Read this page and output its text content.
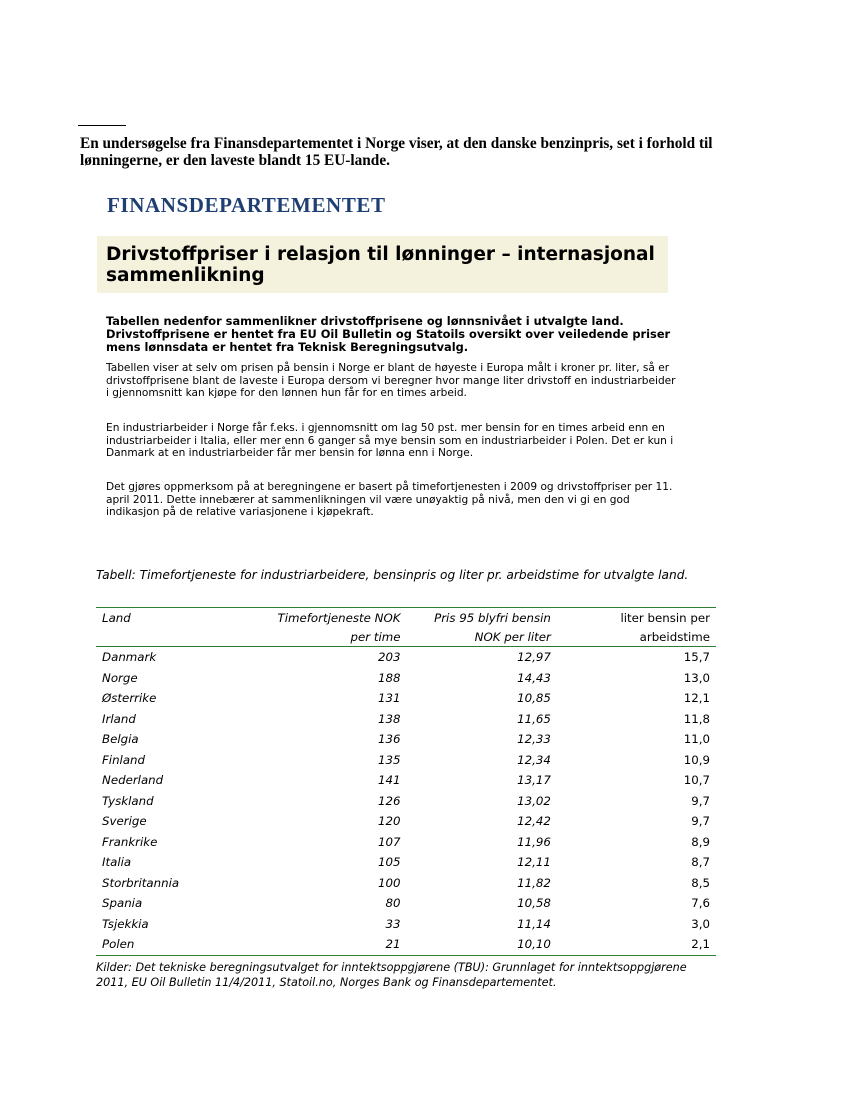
En undersøgelse fra Finansdepartementet i Norge viser, at den danske benzinpris, set i forhold til lønningerne, er den laveste blandt 15 EU-lande.
FINANSDEPARTEMENTET
Drivstoffpriser i relasjon til lønninger – internasjonal sammenlikning
Tabellen nedenfor sammenlikner drivstoffprisene og lønnsnivået i utvalgte land. Drivstoffprisene er hentet fra EU Oil Bulletin og Statoils oversikt over veiledende priser mens lønnsdata er hentet fra Teknisk Beregningsutvalg.
Tabellen viser at selv om prisen på bensin i Norge er blant de høyeste i Europa målt i kroner pr. liter, så er drivstoffprisene blant de laveste i Europa dersom vi beregner hvor mange liter drivstoff en industriarbeider i gjennomsnitt kan kjøpe for den lønnen hun får for en times arbeid.
En industriarbeider i Norge får f.eks. i gjennomsnitt om lag 50 pst. mer bensin for en times arbeid enn en industriarbeider i Italia, eller mer enn 6 ganger så mye bensin som en industriarbeider i Polen. Det er kun i Danmark at en industriarbeider får mer bensin for lønna enn i Norge.
Det gjøres oppmerksom på at beregningene er basert på timefortjenesten i 2009 og drivstoffpriser per 11. april 2011. Dette innebærer at sammenlikningen vil være unøyaktig på nivå, men den vi gi en god indikasjon på de relative variasjonene i kjøpekraft.
Tabell: Timefortjeneste for industriarbeidere, bensinpris og liter pr. arbeidstime for utvalgte land.
Land	Timefortjeneste NOK	Pris 95 blyfri bensin	liter bensin per
	per time	NOK per liter	arbeidstime
Danmark	203	12,97	15,7
Norge	188	14,43	13,0
Østerrike	131	10,85	12,1
Irland	138	11,65	11,8
Belgia	136	12,33	11,0
Finland	135	12,34	10,9
Nederland	141	13,17	10,7
Tyskland	126	13,02	9,7
Sverige	120	12,42	9,7
Frankrike	107	11,96	8,9
Italia	105	12,11	8,7
Storbritannia	100	11,82	8,5
Spania	80	10,58	7,6
Tsjekkia	33	11,14	3,0
Polen	21	10,10	2,1
Kilder: Det tekniske beregningsutvalget for inntektsoppgjørene (TBU): Grunnlaget for inntektsoppgjørene 2011, EU Oil Bulletin 11/4/2011, Statoil.no, Norges Bank og Finansdepartementet.
